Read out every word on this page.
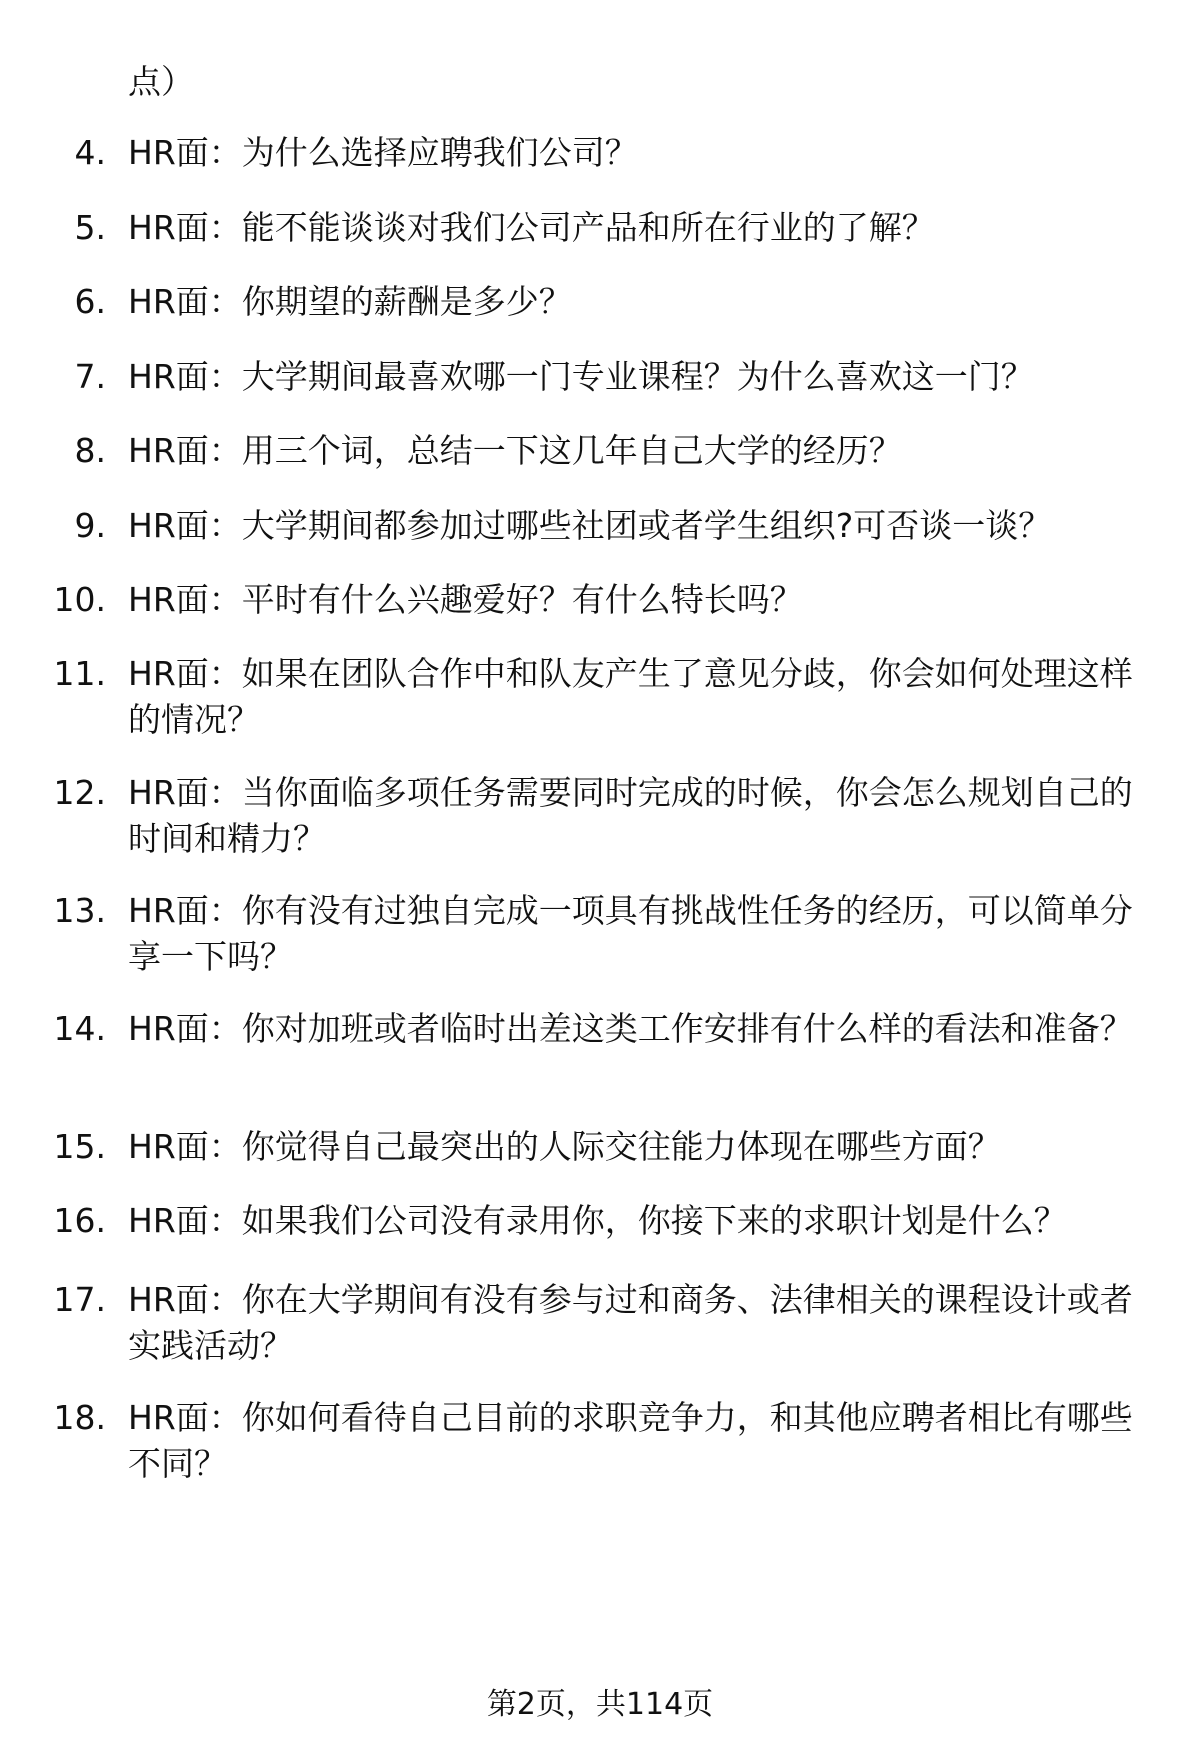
点）
4. HR面：为什么选择应聘我们公司？
5. HR面：能不能谈谈对我们公司产品和所在行业的了解？
6. HR面：你期望的薪酬是多少？
7. HR面：大学期间最喜欢哪一门专业课程？为什么喜欢这一门？
8. HR面：用三个词，总结一下这几年自己大学的经历？
9. HR面：大学期间都参加过哪些社团或者学生组织?可否谈一谈？
10. HR面：平时有什么兴趣爱好？有什么特长吗？
11. HR面：如果在团队合作中和队友产生了意见分歧，你会如何处理这样的情况？
12. HR面：当你面临多项任务需要同时完成的时候，你会怎么规划自己的时间和精力？
13. HR面：你有没有过独自完成一项具有挑战性任务的经历，可以简单分享一下吗？
14. HR面：你对加班或者临时出差这类工作安排有什么样的看法和准备？
15. HR面：你觉得自己最突出的人际交往能力体现在哪些方面？
16. HR面：如果我们公司没有录用你，你接下来的求职计划是什么？
17. HR面：你在大学期间有没有参与过和商务、法律相关的课程设计或者实践活动？
18. HR面：你如何看待自己目前的求职竞争力，和其他应聘者相比有哪些不同？
第2页，共114页
